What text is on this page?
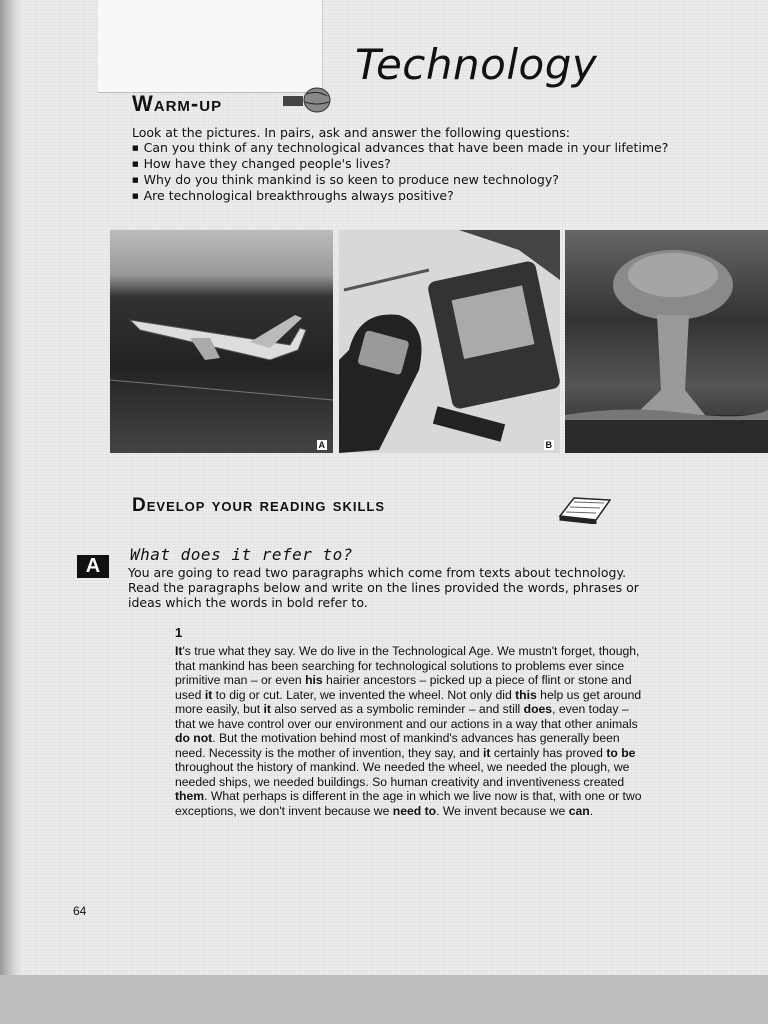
Technology
Warm-up
Look at the pictures. In pairs, ask and answer the following questions:
■ Can you think of any technological advances that have been made in your lifetime?
■ How have they changed people's lives?
■ Why do you think mankind is so keen to produce new technology?
■ Are technological breakthroughs always positive?
A	B
Develop your reading skills
A
What does it refer to?
You are going to read two paragraphs which come from texts about technology. Read the paragraphs below and write on the lines provided the words, phrases or ideas which the words in bold refer to.
1
It's true what they say. We do live in the Technological Age. We mustn't forget, though, that mankind has been searching for technological solutions to problems ever since primitive man – or even his hairier ancestors – picked up a piece of flint or stone and used it to dig or cut. Later, we invented the wheel. Not only did this help us get around more easily, but it also served as a symbolic reminder – and still does, even today – that we have control over our environment and our actions in a way that other animals do not. But the motivation behind most of mankind's advances has generally been need. Necessity is the mother of invention, they say, and it certainly has proved to be throughout the history of mankind. We needed the wheel, we needed the plough, we needed ships, we needed buildings. So human creativity and inventiveness created them. What perhaps is different in the age in which we live now is that, with one or two exceptions, we don't invent because we need to. We invent because we can.
64
